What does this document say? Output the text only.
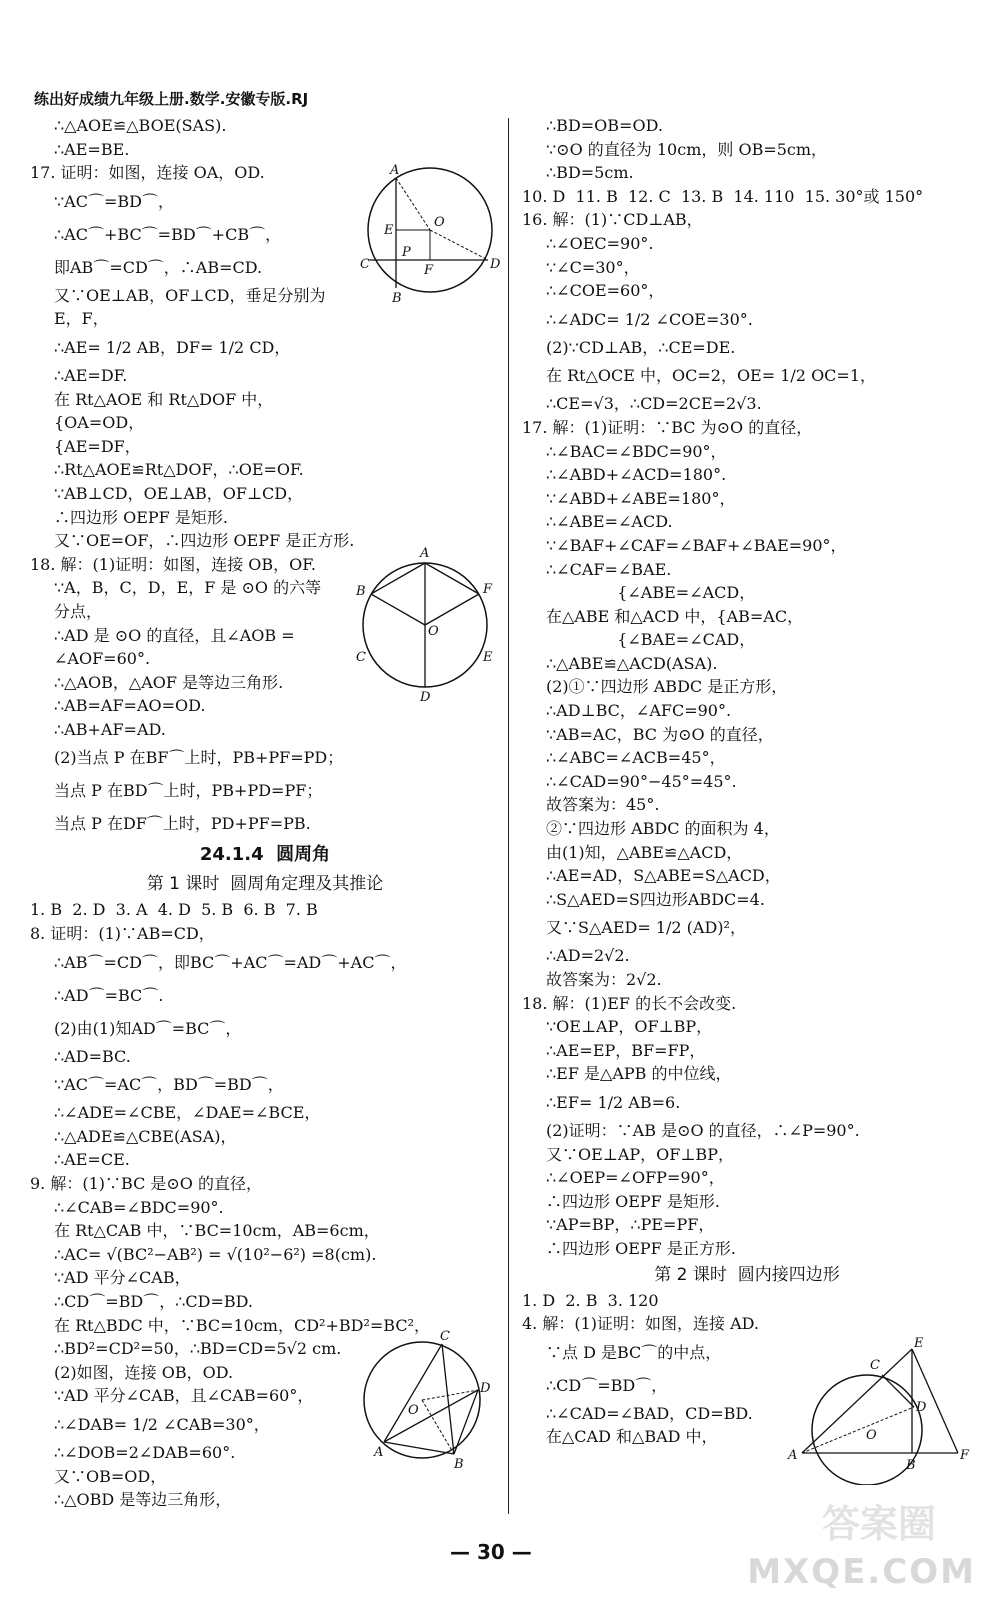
练出好成绩九年级上册.数学.安徽专版.RJ
∴△AOE≌△BOE(SAS).
∴AE=BE.
17. 证明：如图，连接 OA，OD.
∵AC⌒=BD⌒，
∴AC⌒+BC⌒=BD⌒+CB⌒，
即AB⌒=CD⌒，∴AB=CD.
又∵OE⊥AB，OF⊥CD，垂足分别为
E，F，
∴AE= 1/2 AB，DF= 1/2 CD，
∴AE=DF.
在 Rt△AOE 和 Rt△DOF 中，
{OA=OD，
{AE=DF，
∴Rt△AOE≌Rt△DOF，∴OE=OF.
∵AB⊥CD，OE⊥AB，OF⊥CD，
∴四边形 OEPF 是矩形.
又∵OE=OF，∴四边形 OEPF 是正方形.
18. 解：(1)证明：如图，连接 OB，OF.
∵A，B，C，D，E，F 是 ⊙O 的六等
分点，
∴AD 是 ⊙O 的直径，且∠AOB =
∠AOF=60°.
∴△AOB，△AOF 是等边三角形.
∴AB=AF=AO=OD.
∴AB+AF=AD.
(2)当点 P 在BF⌒上时，PB+PF=PD；
当点 P 在BD⌒上时，PB+PD=PF；
当点 P 在DF⌒上时，PD+PF=PB.
24.1.4  圆周角
第 1 课时  圆周角定理及其推论
1. B  2. D  3. A  4. D  5. B  6. B  7. B
8. 证明：(1)∵AB=CD，
∴AB⌒=CD⌒，即BC⌒+AC⌒=AD⌒+AC⌒，
∴AD⌒=BC⌒.
(2)由(1)知AD⌒=BC⌒，
∴AD=BC.
∵AC⌒=AC⌒，BD⌒=BD⌒，
∴∠ADE=∠CBE，∠DAE=∠BCE，
∴△ADE≌△CBE(ASA)，
∴AE=CE.
9. 解：(1)∵BC 是⊙O 的直径，
∴∠CAB=∠BDC=90°.
在 Rt△CAB 中，∵BC=10cm，AB=6cm，
∴AC= √(BC²−AB²) = √(10²−6²) =8(cm).
∵AD 平分∠CAB，
∴CD⌒=BD⌒，∴CD=BD.
在 Rt△BDC 中，∵BC=10cm，CD²+BD²=BC²，
∴BD²=CD²=50，∴BD=CD=5√2 cm.
(2)如图，连接 OB，OD.
∵AD 平分∠CAB，且∠CAB=60°，
∴∠DAB= 1/2 ∠CAB=30°，
∴∠DOB=2∠DAB=60°.
又∵OB=OD，
∴△OBD 是等边三角形，
∴BD=OB=OD.
∵⊙O 的直径为 10cm，则 OB=5cm，
∴BD=5cm.
10. D  11. B  12. C  13. B  14. 110  15. 30°或 150°
16. 解：(1)∵CD⊥AB，
∴∠OEC=90°.
∵∠C=30°，
∴∠COE=60°，
∴∠ADC= 1/2 ∠COE=30°.
(2)∵CD⊥AB，∴CE=DE.
在 Rt△OCE 中，OC=2，OE= 1/2 OC=1，
∴CE=√3，∴CD=2CE=2√3.
17. 解：(1)证明：∵BC 为⊙O 的直径，
∴∠BAC=∠BDC=90°，
∴∠ABD+∠ACD=180°.
∵∠ABD+∠ABE=180°，
∴∠ABE=∠ACD.
∵∠BAF+∠CAF=∠BAF+∠BAE=90°，
∴∠CAF=∠BAE.
{∠ABE=∠ACD，
在△ABE 和△ACD 中，{AB=AC，
{∠BAE=∠CAD，
∴△ABE≌△ACD(ASA).
(2)①∵四边形 ABDC 是正方形，
∴AD⊥BC，∠AFC=90°.
∵AB=AC，BC 为⊙O 的直径，
∴∠ABC=∠ACB=45°，
∴∠CAD=90°−45°=45°.
故答案为：45°.
②∵四边形 ABDC 的面积为 4，
由(1)知，△ABE≌△ACD，
∴AE=AD，S△ABE=S△ACD，
∴S△AED=S四边形ABDC=4.
又∵S△AED= 1/2 (AD)²，
∴AD=2√2.
故答案为：2√2.
18. 解：(1)EF 的长不会改变.
∵OE⊥AP，OF⊥BP，
∴AE=EP，BF=FP，
∴EF 是△APB 的中位线，
∴EF= 1/2 AB=6.
(2)证明：∵AB 是⊙O 的直径，∴∠P=90°.
又∵OE⊥AP，OF⊥BP，
∴∠OEP=∠OFP=90°，
∴四边形 OEPF 是矩形.
∵AP=BP，∴PE=PF，
∴四边形 OEPF 是正方形.
第 2 课时  圆内接四边形
1. D  2. B  3. 120
4. 解：(1)证明：如图，连接 AD.
∵点 D 是BC⌒的中点，
∴CD⌒=BD⌒，
∴∠CAD=∠BAD，CD=BD.
在△CAD 和△BAD 中，
A
E
O
P
F
C	D
B
A
B	F
O
C	E
D
C
D
O
A
B
E
C
D
O
A
B
F
— 30 —
答案圈
MXQE.COM
